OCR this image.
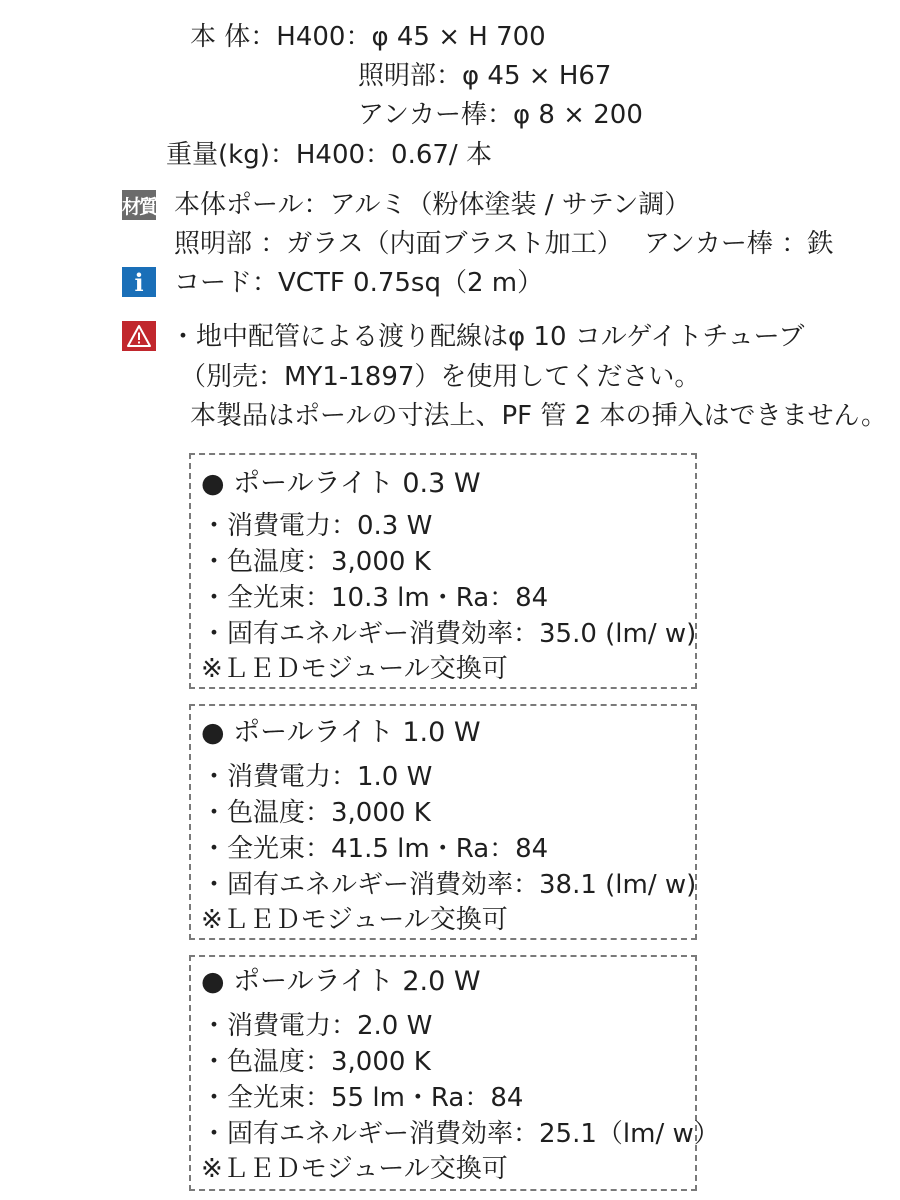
本 体：H400：φ 45 × H 700
照明部：φ 45 × H67
アンカー棒：φ 8 × 200
重量(kg)：H400：0.67/ 本
材質 本体ポール：アルミ（粉体塗装 / サテン調）
照明部 ：ガラス（内面ブラスト加工）　 アンカー棒 ：鉄
i	コード：VCTF 0.75sq（2 m）
・地中配管による渡り配線はφ 10 コルゲイトチューブ
（別売：MY1-1897）を使用してください。
本製品はポールの寸法上、PF 管 2 本の挿入はできません。
● ポールライト 0.3 W
・消費電力：0.3 W
・色温度：3,000 K
・全光束：10.3 lm・Ra：84
・固有エネルギー消費効率：35.0 (lm/ w)
※ＬＥＤモジュール交換可
● ポールライト 1.0 W
・消費電力：1.0 W
・色温度：3,000 K
・全光束：41.5 lm・Ra：84
・固有エネルギー消費効率：38.1 (lm/ w)
※ＬＥＤモジュール交換可
● ポールライト 2.0 W
・消費電力：2.0 W
・色温度：3,000 K
・全光束：55 lm・Ra：84
・固有エネルギー消費効率：25.1（lm/ w）
※ＬＥＤモジュール交換可
